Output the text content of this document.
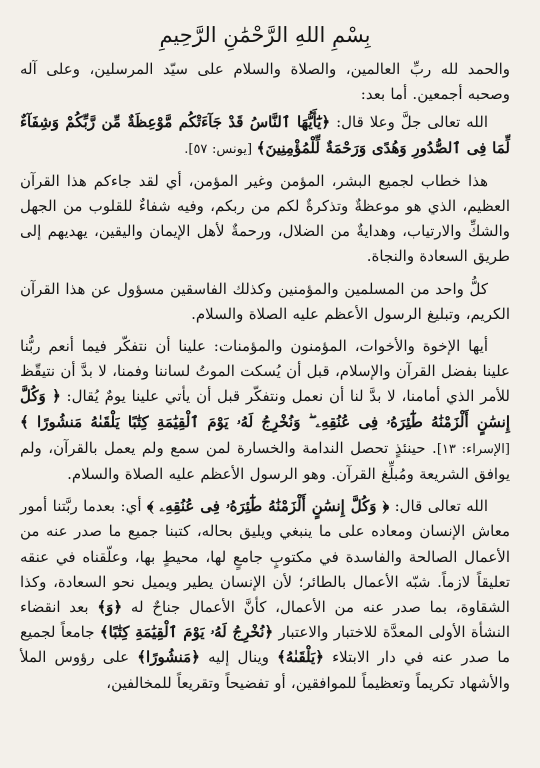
بِسْمِ اللهِ الرَّحْمَٰنِ الرَّحِيمِ

والحمد لله ربِّ العالمين، والصلاة والسلام على سيّد المرسلين، وعلى آله وصحبه أجمعين. أما بعد:

الله تعالى جلَّ وعلا قال: ﴿يَٰٓأَيُّهَا ٱلنَّاسُ قَدْ جَآءَتْكُم مَّوْعِظَةٌ مِّن رَّبِّكُمْ وَشِفَآءٌ لِّمَا فِى ٱلصُّدُورِ وَهُدًى وَرَحْمَةٌ لِّلْمُؤْمِنِينَ﴾ [يونس: ٥٧].

هذا خطاب لجميع البشر، المؤمن وغير المؤمن، أي لقد جاءكم هذا القرآن العظيم، الذي هو موعظةٌ وتذكرةٌ لكم من ربكم، وفيه شفاءٌ للقلوب من الجهل والشكِّ والارتياب، وهدايةٌ من الضلال، ورحمةٌ لأهل الإيمان واليقين، يهديهم إلى طريق السعادة والنجاة.

كلُّ واحد من المسلمين والمؤمنين وكذلك الفاسقين مسؤول عن هذا القرآن الكريم، وتبليغ الرسول الأعظم عليه الصلاة والسلام.

أيها الإخوة والأخوات، المؤمنون والمؤمنات: علينا أن نتفكّر فيما أنعم ربُّنا علينا بفضل القرآن والإسلام، قبل أن يُسكت الموتُ لساننا وفمنا، لا بدَّ أن نتيقّظ للأمر الذي أمامنا، لا بدَّ لنا أن نعمل ونتفكّر قبل أن يأتي علينا يومٌ يُقال: ﴿ وَكُلَّ إِنسَٰنٍ أَلْزَمْنَٰهُ طَٰٓئِرَهُۥ فِى عُنُقِهِۦ ۖ وَنُخْرِجُ لَهُۥ يَوْمَ ٱلْقِيَٰمَةِ كِتَٰبًا يَلْقَىٰهُ مَنشُورًا ﴾ [الإسراء: ١٣]. حينئذٍ تحصل الندامة والخسارة لمن سمع ولم يعمل بالقرآن، ولم يوافق الشريعة ومُبلِّغ القرآن. وهو الرسول الأعظم عليه الصلاة والسلام.

الله تعالى قال: ﴿ وَكُلَّ إِنسَٰنٍ أَلْزَمْنَٰهُ طَٰٓئِرَهُۥ فِى عُنُقِهِۦ ﴾ أي: بعدما ربَّتنا أمور معاش الإنسان ومعاده على ما ينبغي ويليق بحاله، كتبنا جميع ما صدر عنه من الأعمال الصالحة والفاسدة في مكتوبٍ جامعٍ لها، محيطٍ بها، وعلّقناه في عنقه تعليقاً لازماً. شبّه الأعمال بالطائر؛ لأن الإنسان يطير ويميل نحو السعادة، وكذا الشقاوة، بما صدر عنه من الأعمال، كأنَّ الأعمال جناحٌ له ﴿وَ﴾ بعد انقضاء النشأة الأولى المعدَّة للاختبار والاعتبار ﴿نُخْرِجُ لَهُۥ يَوْمَ ٱلْقِيَٰمَةِ كِتَٰبًا﴾ جامعاً لجميع ما صدر عنه في دار الابتلاء ﴿يَلْقَىٰهُ﴾ وينال إليه ﴿مَنشُورًا﴾ على رؤوس الملأ والأشهاد تكريماً وتعظيماً للموافقين، أو تفضيحاً وتقريعاً للمخالفين،
